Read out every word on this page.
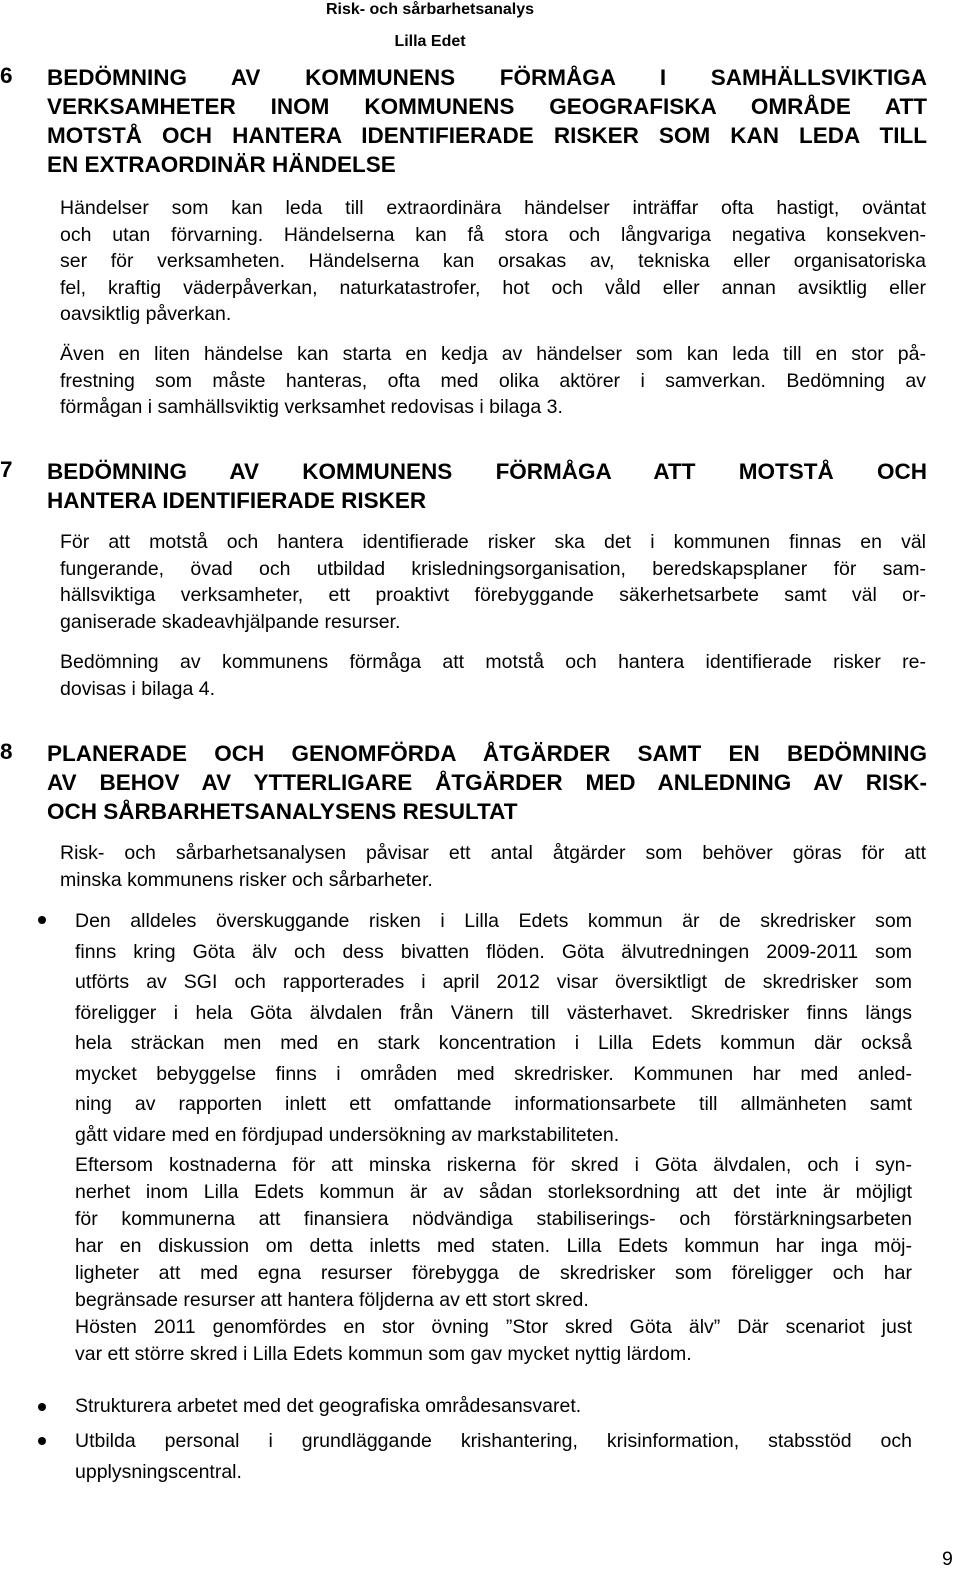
Risk- och sårbarhetsanalys
Lilla Edet
6 BEDÖMNING AV KOMMUNENS FÖRMÅGA I SAMHÄLLSVIKTIGA
VERKSAMHETER INOM KOMMUNENS GEOGRAFISKA OMRÅDE ATT
MOTSTÅ OCH HANTERA IDENTIFIERADE RISKER SOM KAN LEDA TILL
EN EXTRAORDINÄR HÄNDELSE
Händelser som kan leda till extraordinära händelser inträffar ofta hastigt, oväntat
och utan förvarning. Händelserna kan få stora och långvariga negativa konsekven-
ser för verksamheten. Händelserna kan orsakas av, tekniska eller organisatoriska
fel, kraftig väderpåverkan, naturkatastrofer, hot och våld eller annan avsiktlig eller
oavsiktlig påverkan.
Även en liten händelse kan starta en kedja av händelser som kan leda till en stor på-
frestning som måste hanteras, ofta med olika aktörer i samverkan. Bedömning av
förmågan i samhällsviktig verksamhet redovisas i bilaga 3.
7 BEDÖMNING AV KOMMUNENS FÖRMÅGA ATT MOTSTÅ OCH
HANTERA IDENTIFIERADE RISKER
För att motstå och hantera identifierade risker ska det i kommunen finnas en väl
fungerande, övad och utbildad krisledningsorganisation, beredskapsplaner för sam-
hällsviktiga verksamheter, ett proaktivt förebyggande säkerhetsarbete samt väl or-
ganiserade skadeavhjälpande resurser.
Bedömning av kommunens förmåga att motstå och hantera identifierade risker re-
dovisas i bilaga 4.
8 PLANERADE OCH GENOMFÖRDA ÅTGÄRDER SAMT EN BEDÖMNING
AV BEHOV AV YTTERLIGARE ÅTGÄRDER MED ANLEDNING AV RISK-
OCH SÅRBARHETSANALYSENS RESULTAT
Risk- och sårbarhetsanalysen påvisar ett antal åtgärder som behöver göras för att
minska kommunens risker och sårbarheter.
Den alldeles överskuggande risken i Lilla Edets kommun är de skredrisker som
finns kring Göta älv och dess bivatten flöden. Göta älvutredningen 2009-2011 som
utförts av SGI och rapporterades i april 2012 visar översiktligt de skredrisker som
föreligger i hela Göta älvdalen från Vänern till västerhavet. Skredrisker finns längs
hela sträckan men med en stark koncentration i Lilla Edets kommun där också
mycket bebyggelse finns i områden med skredrisker. Kommunen har med anled-
ning av rapporten inlett ett omfattande informationsarbete till allmänheten samt
gått vidare med en fördjupad undersökning av markstabiliteten.
Eftersom kostnaderna för att minska riskerna för skred i Göta älvdalen, och i syn-
nerhet inom Lilla Edets kommun är av sådan storleksordning att det inte är möjligt
för kommunerna att finansiera nödvändiga stabiliserings- och förstärkningsarbeten
har en diskussion om detta inletts med staten. Lilla Edets kommun har inga möj-
ligheter att med egna resurser förebygga de skredrisker som föreligger och har
begränsade resurser att hantera följderna av ett stort skred.
Hösten 2011 genomfördes en stor övning ”Stor skred Göta älv” Där scenariot just
var ett större skred i Lilla Edets kommun som gav mycket nyttig lärdom.
Strukturera arbetet med det geografiska områdesansvaret.
Utbilda personal i grundläggande krishantering, krisinformation, stabsstöd och
upplysningscentral.
9
